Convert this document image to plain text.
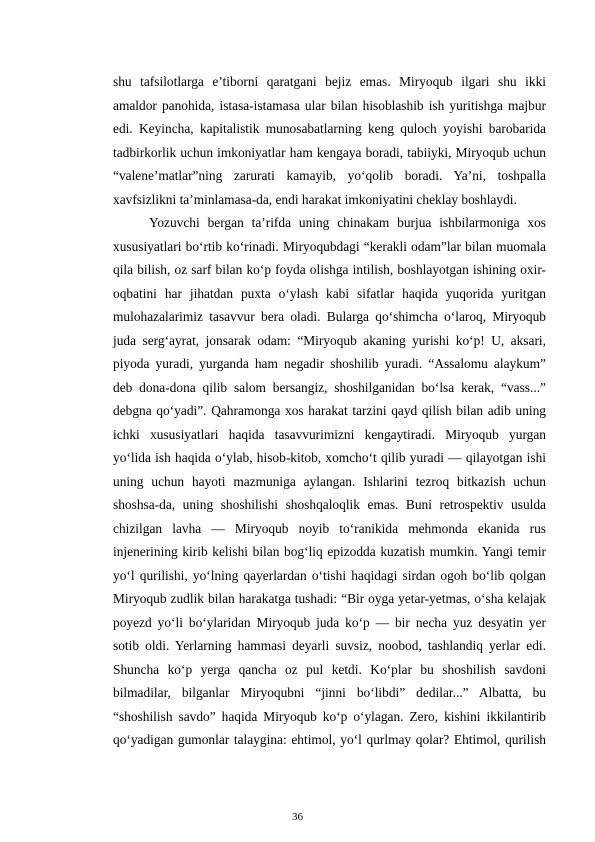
shu tafsilotlarga e’tiborni qaratgani bejiz emas. Miryoqub ilgari shu ikki
amaldor panohida, istasa-istamasa ular bilan hisoblashib ish yuritishga majbur
edi. Keyincha, kapitalistik munosabatlarning keng quloch yoyishi barobarida
tadbirkorlik uchun imkoniyatlar ham kengaya boradi, tabiiyki, Miryoqub uchun
“valene’matlar”ning zarurati kamayib, yo‘qolib boradi. Ya’ni, toshpalla
xavfsizlikni ta’minlamasa-da, endi harakat imkoniyatini cheklay boshlaydi.
Yozuvchi bergan ta’rifda uning chinakam burjua ishbilarmoniga xos
xususiyatlari bo‘rtib ko‘rinadi. Miryoqubdagi “kerakli odam”lar bilan muomala
qila bilish, oz sarf bilan ko‘p foyda olishga intilish, boshlayotgan ishining oxir-
oqbatini har jihatdan puxta o‘ylash kabi sifatlar haqida yuqorida yuritgan
mulohazalarimiz tasavvur bera oladi. Bularga qo‘shimcha o‘laroq, Miryoqub
juda serg‘ayrat, jonsarak odam: “Miryoqub akaning yurishi ko‘p! U, aksari,
piyoda yuradi, yurganda ham negadir shoshilib yuradi. “Assalomu alaykum”
deb dona-dona qilib salom bersangiz, shoshilganidan bo‘lsa kerak, “vass...”
debgna qo‘yadi”. Qahramonga xos harakat tarzini qayd qilish bilan adib uning
ichki xususiyatlari haqida tasavvurimizni kengaytiradi. Miryoqub yurgan
yo‘lida ish haqida o‘ylab, hisob-kitob, xomcho‘t qilib yuradi — qilayotgan ishi
uning uchun hayoti mazmuniga aylangan. Ishlarini tezroq bitkazish uchun
shoshsa-da, uning shoshilishi shoshqaloqlik emas. Buni retrospektiv usulda
chizilgan lavha — Miryoqub noyib to‘ranikida mehmonda ekanida rus
injenerining kirib kelishi bilan bog‘liq epizodda kuzatish mumkin. Yangi temir
yo‘l qurilishi, yo‘lning qayerlardan o‘tishi haqidagi sirdan ogoh bo‘lib qolgan
Miryoqub zudlik bilan harakatga tushadi: “Bir oyga yetar-yetmas, o‘sha kelajak
poyezd yo‘li bo‘ylaridan Miryoqub juda ko‘p — bir necha yuz desyatin yer
sotib oldi. Yerlarning hammasi deyarli suvsiz, noobod, tashlandiq yerlar edi.
Shuncha ko‘p yerga qancha oz pul ketdi. Ko‘plar bu shoshilish savdoni
bilmadilar, bilganlar Miryoqubni “jinni bo‘libdi” dedilar...” Albatta, bu
“shoshilish savdo” haqida Miryoqub ko‘p o‘ylagan. Zero, kishini ikkilantirib
qo‘yadigan gumonlar talaygina: ehtimol, yo‘l qurlmay qolar? Ehtimol, qurilish
36
